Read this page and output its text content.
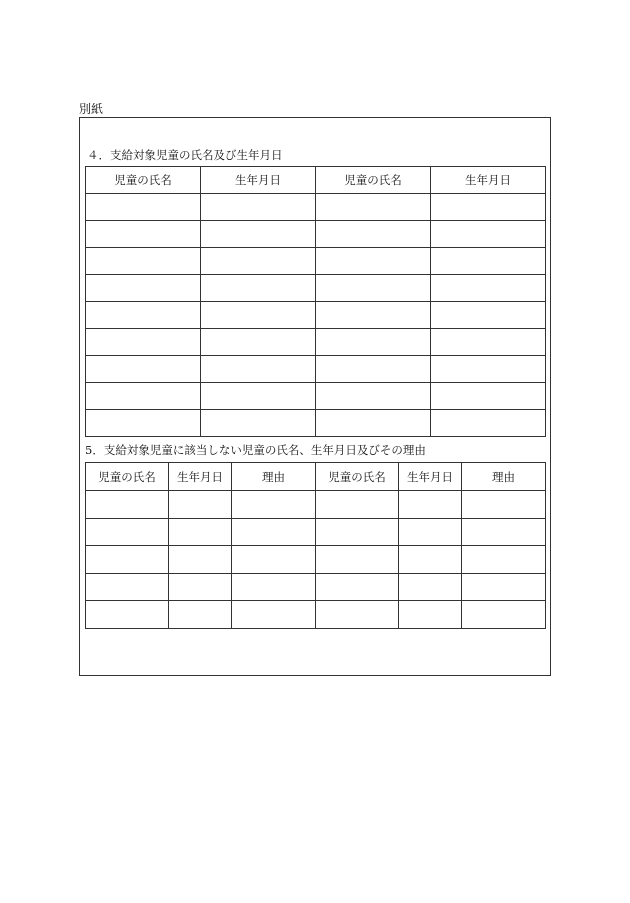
別紙
４．支給対象児童の氏名及び生年月日
児童の氏名	生年月日	児童の氏名	生年月日

5．支給対象児童に該当しない児童の氏名、生年月日及びその理由
児童の氏名	生年月日	理由	児童の氏名	生年月日	理由
